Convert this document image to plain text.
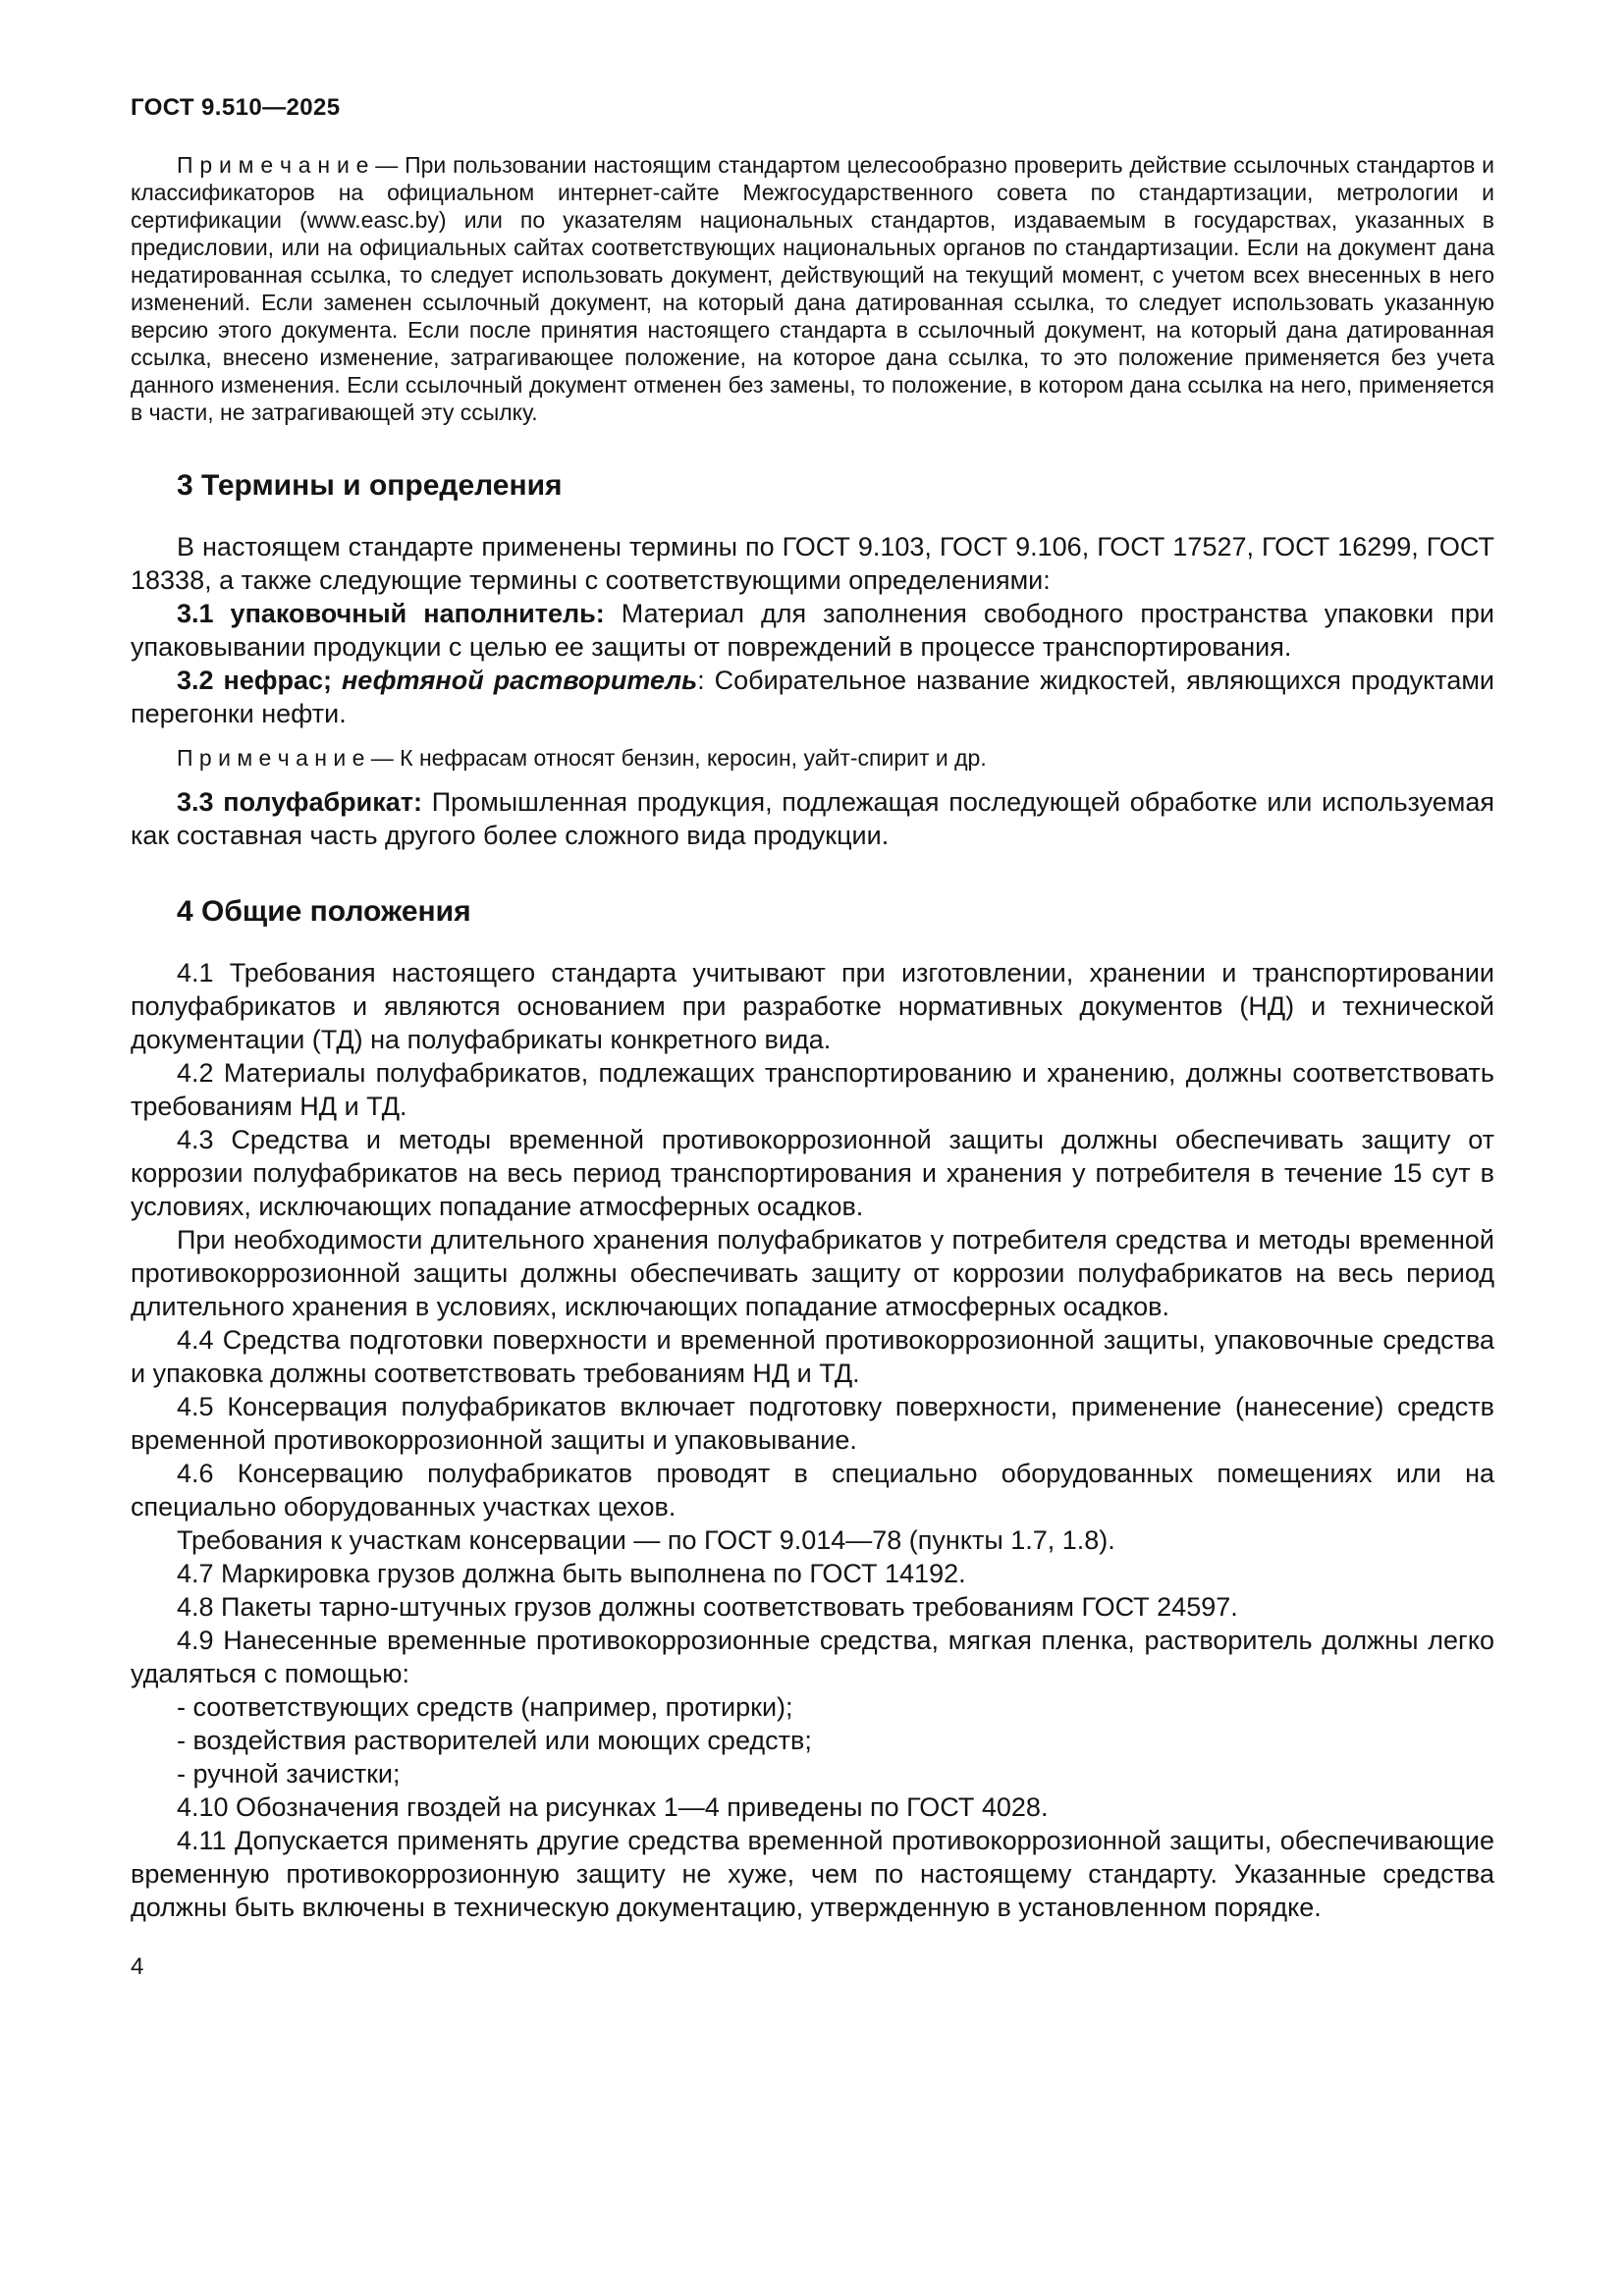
ГОСТ 9.510—2025

П р и м е ч а н и е — При пользовании настоящим стандартом целесообразно проверить действие ссылочных стандартов и классификаторов на официальном интернет-сайте Межгосударственного совета по стандартизации, метрологии и сертификации (www.easc.by) или по указателям национальных стандартов, издаваемым в государствах, указанных в предисловии, или на официальных сайтах соответствующих национальных органов по стандартизации. Если на документ дана недатированная ссылка, то следует использовать документ, действующий на текущий момент, с учетом всех внесенных в него изменений. Если заменен ссылочный документ, на который дана датированная ссылка, то следует использовать указанную версию этого документа. Если после принятия настоящего стандарта в ссылочный документ, на который дана датированная ссылка, внесено изменение, затрагивающее положение, на которое дана ссылка, то это положение применяется без учета данного изменения. Если ссылочный документ отменен без замены, то положение, в котором дана ссылка на него, применяется в части, не затрагивающей эту ссылку.

3 Термины и определения

В настоящем стандарте применены термины по ГОСТ 9.103, ГОСТ 9.106, ГОСТ 17527, ГОСТ 16299, ГОСТ 18338, а также следующие термины с соответствующими определениями:

3.1 упаковочный наполнитель: Материал для заполнения свободного пространства упаковки при упаковывании продукции с целью ее защиты от повреждений в процессе транспортирования.

3.2 нефрас; нефтяной растворитель: Собирательное название жидкостей, являющихся продуктами перегонки нефти.

П р и м е ч а н и е — К нефрасам относят бензин, керосин, уайт-спирит и др.

3.3 полуфабрикат: Промышленная продукция, подлежащая последующей обработке или используемая как составная часть другого более сложного вида продукции.

4 Общие положения

4.1 Требования настоящего стандарта учитывают при изготовлении, хранении и транспортировании полуфабрикатов и являются основанием при разработке нормативных документов (НД) и технической документации (ТД) на полуфабрикаты конкретного вида.

4.2 Материалы полуфабрикатов, подлежащих транспортированию и хранению, должны соответствовать требованиям НД и ТД.

4.3 Средства и методы временной противокоррозионной защиты должны обеспечивать защиту от коррозии полуфабрикатов на весь период транспортирования и хранения у потребителя в течение 15 сут в условиях, исключающих попадание атмосферных осадков.

При необходимости длительного хранения полуфабрикатов у потребителя средства и методы временной противокоррозионной защиты должны обеспечивать защиту от коррозии полуфабрикатов на весь период длительного хранения в условиях, исключающих попадание атмосферных осадков.

4.4 Средства подготовки поверхности и временной противокоррозионной защиты, упаковочные средства и упаковка должны соответствовать требованиям НД и ТД.

4.5 Консервация полуфабрикатов включает подготовку поверхности, применение (нанесение) средств временной противокоррозионной защиты и упаковывание.

4.6 Консервацию полуфабрикатов проводят в специально оборудованных помещениях или на специально оборудованных участках цехов.

Требования к участкам консервации — по ГОСТ 9.014—78 (пункты 1.7, 1.8).

4.7 Маркировка грузов должна быть выполнена по ГОСТ 14192.

4.8 Пакеты тарно-штучных грузов должны соответствовать требованиям ГОСТ 24597.

4.9 Нанесенные временные противокоррозионные средства, мягкая пленка, растворитель должны легко удаляться с помощью:

- соответствующих средств (например, протирки);

- воздействия растворителей или моющих средств;

- ручной зачистки;

4.10 Обозначения гвоздей на рисунках 1—4 приведены по ГОСТ 4028.

4.11 Допускается применять другие средства временной противокоррозионной защиты, обеспечивающие временную противокоррозионную защиту не хуже, чем по настоящему стандарту. Указанные средства должны быть включены в техническую документацию, утвержденную в установленном порядке.

4
